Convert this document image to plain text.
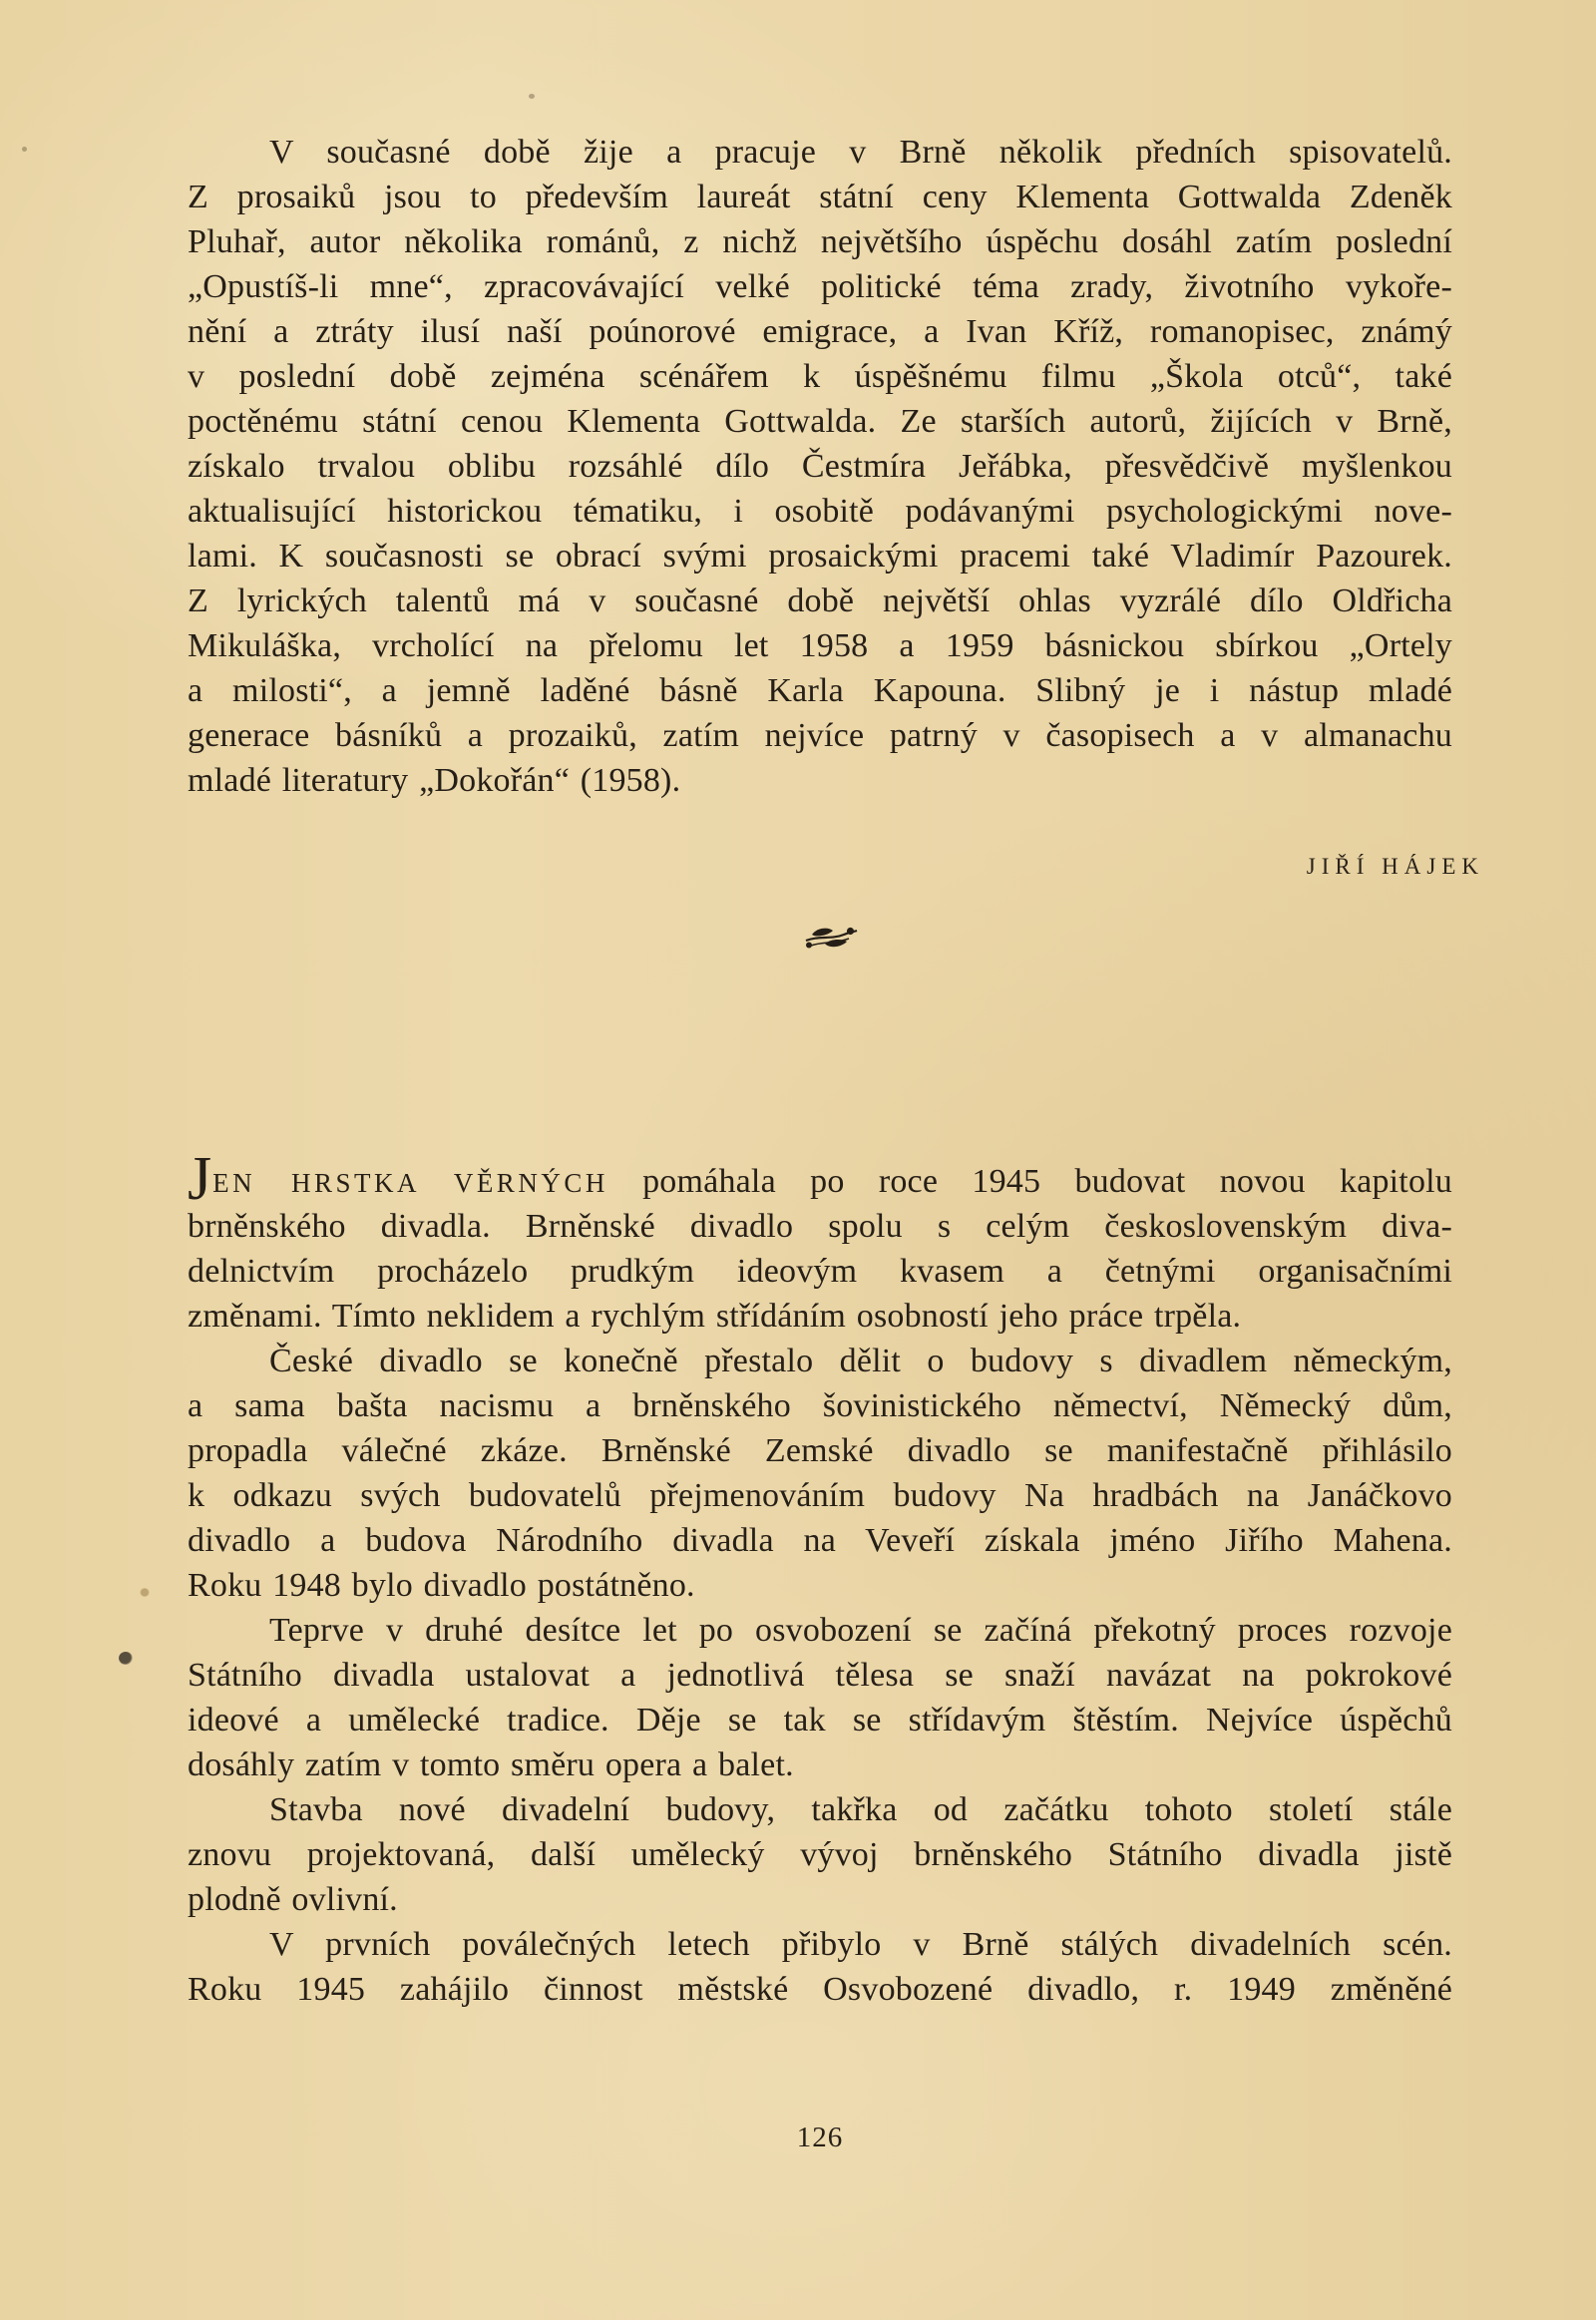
V současné době žije a pracuje v Brně několik předních spisovatelů.
Z prosaiků jsou to především laureát státní ceny Klementa Gottwalda Zdeněk
Pluhař, autor několika románů, z nichž největšího úspěchu dosáhl zatím poslední
„Opustíš-li mne“, zpracovávající velké politické téma zrady, životního vykoře-
nění a ztráty ilusí naší poúnorové emigrace, a Ivan Kříž, romanopisec, známý
v poslední době zejména scénářem k úspěšnému filmu „Škola otců“, také
poctěnému státní cenou Klementa Gottwalda. Ze starších autorů, žijících v Brně,
získalo trvalou oblibu rozsáhlé dílo Čestmíra Jeřábka, přesvědčivě myšlenkou
aktualisující historickou tématiku, i osobitě podávanými psychologickými nove-
lami. K současnosti se obrací svými prosaickými pracemi také Vladimír Pazourek.
Z lyrických talentů má v současné době největší ohlas vyzrálé dílo Oldřicha
Mikuláška, vrcholící na přelomu let 1958 a 1959 básnickou sbírkou „Ortely
a milosti“, a jemně laděné básně Karla Kapouna. Slibný je i nástup mladé
generace básníků a prozaiků, zatím nejvíce patrný v časopisech a v almanachu
mladé literatury „Dokořán“ (1958).
JIŘÍ HÁJEK
JEN HRSTKA VĚRNÝCH pomáhala po roce 1945 budovat novou kapitolu
brněnského divadla. Brněnské divadlo spolu s celým československým diva-
delnictvím procházelo prudkým ideovým kvasem a četnými organisačními
změnami. Tímto neklidem a rychlým střídáním osobností jeho práce trpěla.
České divadlo se konečně přestalo dělit o budovy s divadlem německým,
a sama bašta nacismu a brněnského šovinistického němectví, Německý dům,
propadla válečné zkáze. Brněnské Zemské divadlo se manifestačně přihlásilo
k odkazu svých budovatelů přejmenováním budovy Na hradbách na Janáčkovo
divadlo a budova Národního divadla na Veveří získala jméno Jiřího Mahena.
Roku 1948 bylo divadlo postátněno.
Teprve v druhé desítce let po osvobození se začíná překotný proces rozvoje
Státního divadla ustalovat a jednotlivá tělesa se snaží navázat na pokrokové
ideové a umělecké tradice. Děje se tak se střídavým štěstím. Nejvíce úspěchů
dosáhly zatím v tomto směru opera a balet.
Stavba nové divadelní budovy, takřka od začátku tohoto století stále
znovu projektovaná, další umělecký vývoj brněnského Státního divadla jistě
plodně ovlivní.
V prvních poválečných letech přibylo v Brně stálých divadelních scén.
Roku 1945 zahájilo činnost městské Osvobozené divadlo, r. 1949 změněné
126
